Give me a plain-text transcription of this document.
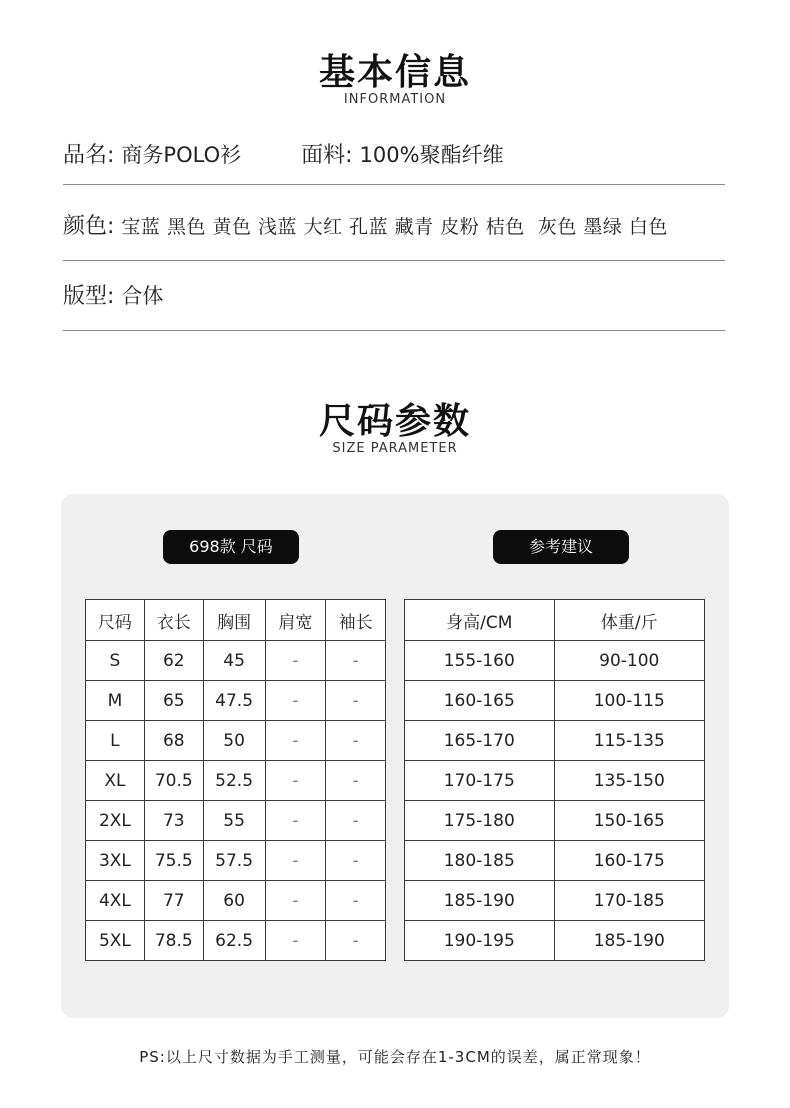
基本信息
INFORMATION
品名: 商务POLO衫	面料: 100%聚酯纤维
颜色: 宝蓝 黑色 黄色 浅蓝 大红 孔蓝 藏青 皮粉 桔色  灰色 墨绿 白色
版型: 合体
尺码参数
SIZE PARAMETER
698款 尺码	参考建议
尺码	衣长	胸围	肩宽	袖长
S	62	45	-	-
M	65	47.5	-	-
L	68	50	-	-
XL	70.5	52.5	-	-
2XL	73	55	-	-
3XL	75.5	57.5	-	-
4XL	77	60	-	-
5XL	78.5	62.5	-	-
身高/CM	体重/斤
155-160	90-100
160-165	100-115
165-170	115-135
170-175	135-150
175-180	150-165
180-185	160-175
185-190	170-185
190-195	185-190
PS:以上尺寸数据为手工测量，可能会存在1-3CM的误差，属正常现象！
